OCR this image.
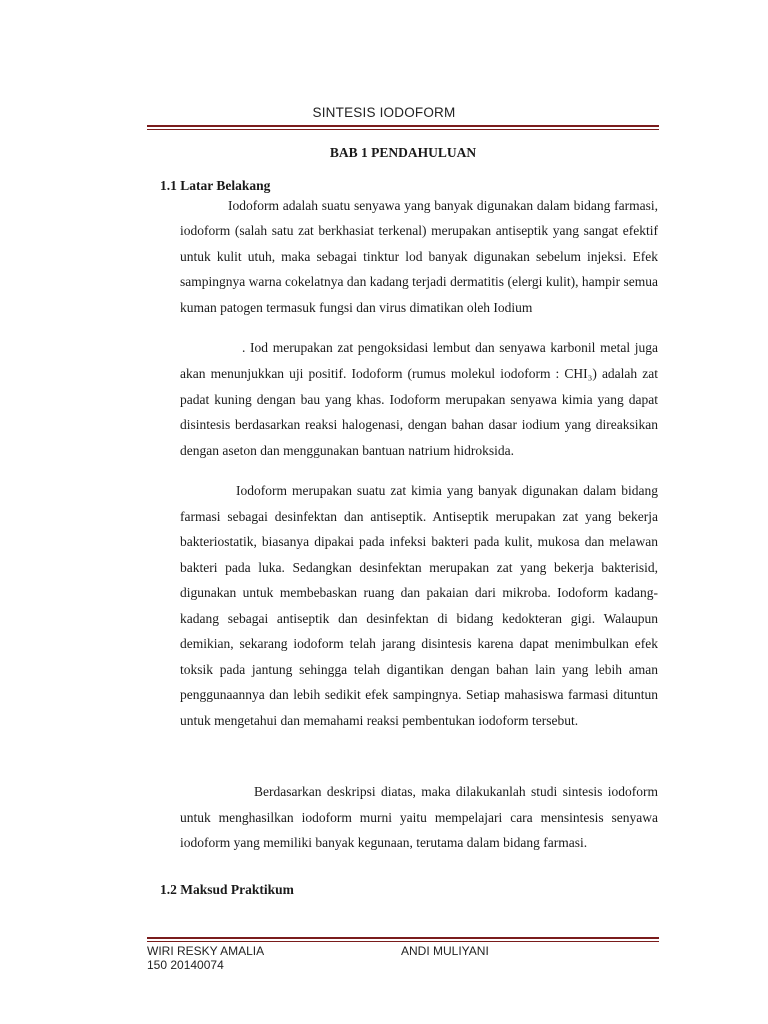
SINTESIS IODOFORM
BAB 1 PENDAHULUAN
1.1 Latar Belakang
Iodoform adalah suatu senyawa yang banyak digunakan dalam bidang farmasi, iodoform (salah satu zat berkhasiat terkenal) merupakan antiseptik yang sangat efektif untuk kulit utuh, maka sebagai tinktur lod banyak digunakan sebelum injeksi. Efek sampingnya warna cokelatnya dan kadang terjadi dermatitis (elergi kulit), hampir semua kuman patogen termasuk fungsi dan virus dimatikan oleh Iodium
. Iod merupakan zat pengoksidasi lembut dan senyawa karbonil metal juga akan menunjukkan uji positif. Iodoform (rumus molekul iodoform : CHI₃) adalah zat padat kuning dengan bau yang khas. Iodoform merupakan senyawa kimia yang dapat disintesis berdasarkan reaksi halogenasi, dengan bahan dasar iodium yang direaksikan dengan aseton dan menggunakan bantuan natrium hidroksida.
Iodoform merupakan suatu zat kimia yang banyak digunakan dalam bidang farmasi sebagai desinfektan dan antiseptik. Antiseptik merupakan zat yang bekerja bakteriostatik, biasanya dipakai pada infeksi bakteri pada kulit, mukosa dan melawan bakteri pada luka. Sedangkan desinfektan merupakan zat yang bekerja bakterisid, digunakan untuk membebaskan ruang dan pakaian dari mikroba. Iodoform kadang-kadang sebagai antiseptik dan desinfektan di bidang kedokteran gigi. Walaupun demikian, sekarang iodoform telah jarang disintesis karena dapat menimbulkan efek toksik pada jantung sehingga telah digantikan dengan bahan lain yang lebih aman penggunaannya dan lebih sedikit efek sampingnya. Setiap mahasiswa farmasi dituntun untuk mengetahui dan memahami reaksi pembentukan iodoform tersebut.
Berdasarkan deskripsi diatas, maka dilakukanlah studi sintesis iodoform untuk menghasilkan iodoform murni yaitu mempelajari cara mensintesis senyawa iodoform yang memiliki banyak kegunaan, terutama dalam bidang farmasi.
1.2 Maksud Praktikum
WIRI RESKY AMALIA
150 20140074
ANDI MULIYANI
